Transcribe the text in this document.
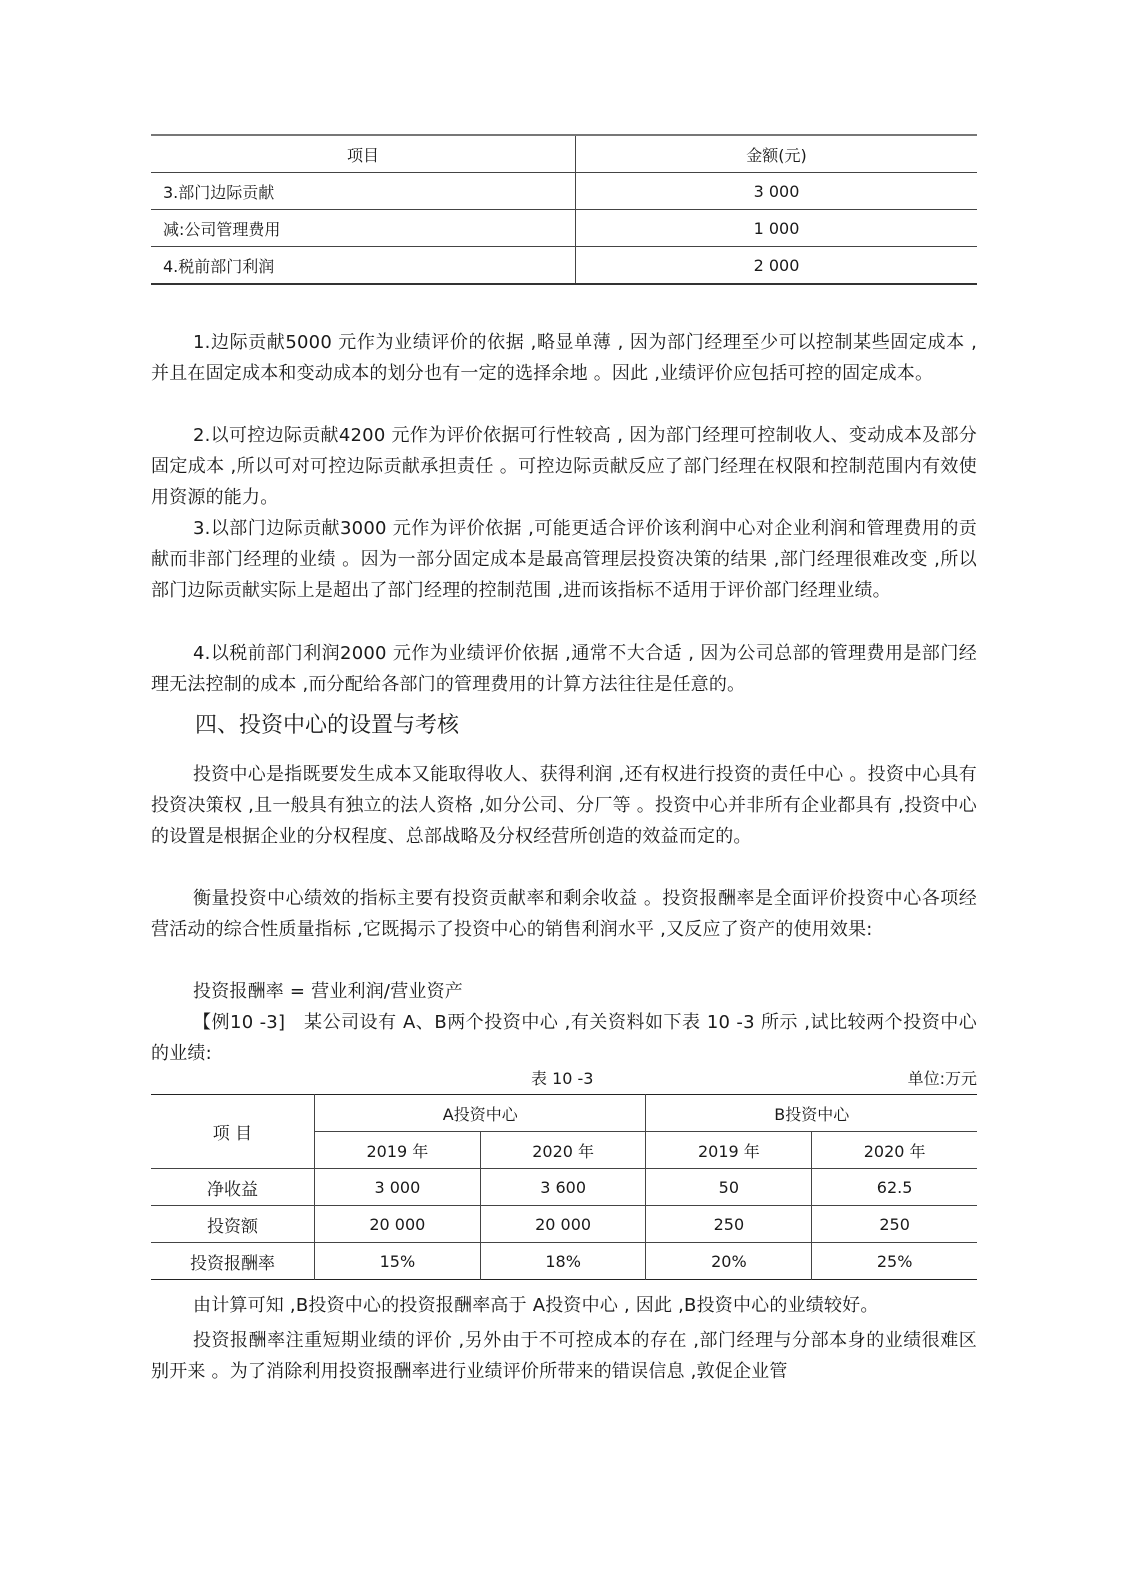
项目	金额(元)
3.部门边际贡献	3 000
减:公司管理费用	1 000
4.税前部门利润	2 000

1.边际贡献5000 元作为业绩评价的依据 ,略显单薄 , 因为部门经理至少可以控制某些固定成本 ,并且在固定成本和变动成本的划分也有一定的选择余地 。因此 ,业绩评价应包括可控的固定成本。

2.以可控边际贡献4200 元作为评价依据可行性较高 , 因为部门经理可控制收人、变动成本及部分固定成本 ,所以可对可控边际贡献承担责任 。可控边际贡献反应了部门经理在权限和控制范围内有效使用资源的能力。

3.以部门边际贡献3000 元作为评价依据 ,可能更适合评价该利润中心对企业利润和管理费用的贡献而非部门经理的业绩 。因为一部分固定成本是最高管理层投资决策的结果 ,部门经理很难改变 ,所以部门边际贡献实际上是超出了部门经理的控制范围 ,进而该指标不适用于评价部门经理业绩。

4.以税前部门利润2000 元作为业绩评价依据 ,通常不大合适 , 因为公司总部的管理费用是部门经理无法控制的成本 ,而分配给各部门的管理费用的计算方法往往是任意的。

四、投资中心的设置与考核

投资中心是指既要发生成本又能取得收人、获得利润 ,还有权进行投资的责任中心 。投资中心具有投资决策权 ,且一般具有独立的法人资格 ,如分公司、分厂等 。投资中心并非所有企业都具有 ,投资中心的设置是根据企业的分权程度、总部战略及分权经营所创造的效益而定的。

衡量投资中心绩效的指标主要有投资贡献率和剩余收益 。投资报酬率是全面评价投资中心各项经营活动的综合性质量指标 ,它既揭示了投资中心的销售利润水平 ,又反应了资产的使用效果:

投资报酬率 = 营业利润/营业资产

【例10 -3]　某公司设有 A、B两个投资中心 ,有关资料如下表 10 -3 所示 ,试比较两个投资中心的业绩:

表 10 -3	单位:万元
项 目	A投资中心		B投资中心	
	2019 年	2020 年	2019 年	2020 年
净收益	3 000	3 600	50	62.5
投资额	20 000	20 000	250	250
投资报酬率	15%	18%	20%	25%

由计算可知 ,B投资中心的投资报酬率高于 A投资中心 , 因此 ,B投资中心的业绩较好。

投资报酬率注重短期业绩的评价 ,另外由于不可控成本的存在 ,部门经理与分部本身的业绩很难区别开来 。为了消除利用投资报酬率进行业绩评价所带来的错误信息 ,敦促企业管
